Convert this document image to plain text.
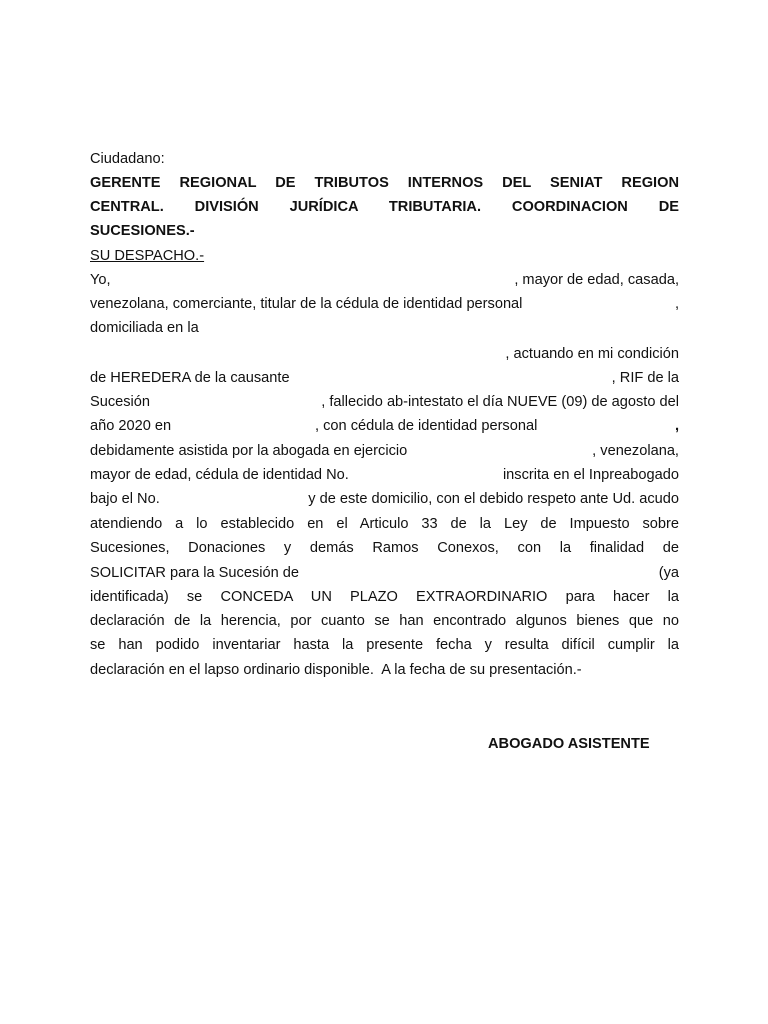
Ciudadano:

GERENTE REGIONAL DE TRIBUTOS INTERNOS DEL SENIAT REGION

CENTRAL. DIVISIÓN JURÍDICA TRIBUTARIA. COORDINACION DE

SUCESIONES.-

SU DESPACHO.-

Yo,	, mayor de edad, casada,
venezolana, comerciante, titular de la cédula de identidad personal	,
domiciliada en la
, actuando en mi condición
de HEREDERA de la causante	, RIF de la
Sucesión	, fallecido ab-intestato el día NUEVE (09) de agosto del
año 2020 en	, con cédula de identidad personal	,
debidamente asistida por la abogada en ejercicio	, venezolana,
mayor de edad, cédula de identidad No.	inscrita en el Inpreabogado
bajo el No.	y de este domicilio, con el debido respeto ante Ud. acudo

atendiendo a lo establecido en el Articulo 33 de la Ley de Impuesto sobre

Sucesiones, Donaciones y demás Ramos Conexos, con la finalidad de

SOLICITAR para la Sucesión de	(ya

identificada) se CONCEDA UN PLAZO EXTRAORDINARIO para hacer la

declaración de la herencia, por cuanto se han encontrado algunos bienes que no

se han podido inventariar hasta la presente fecha y resulta difícil cumplir la

declaración en el lapso ordinario disponible.  A la fecha de su presentación.-

ABOGADO ASISTENTE
